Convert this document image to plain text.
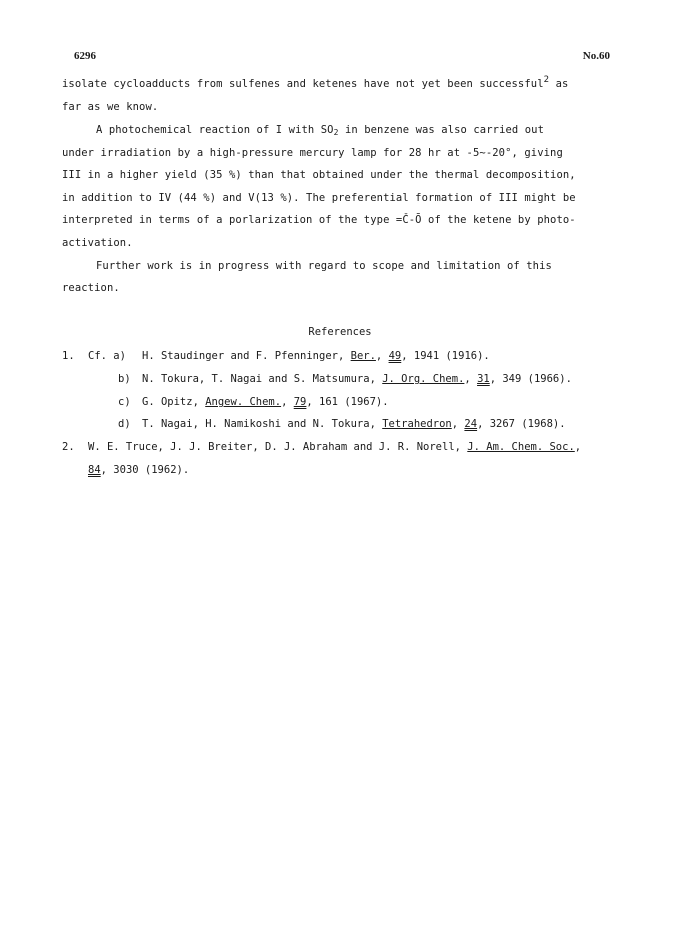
6296	No.60
isolate cycloadducts from sulfenes and ketenes have not yet been successful2 as
far as we know.
A photochemical reaction of I with SO2 in benzene was also carried out
under irradiation by a high-pressure mercury lamp for 28 hr at -5~-20°, giving
III in a higher yield (35 %) than that obtained under the thermal decomposition,
in addition to IV (44 %) and V(13 %). The preferential formation of III might be
interpreted in terms of a porlarization of the type =Č-Ō of the ketene by photo-
activation.
Further work is in progress with regard to scope and limitation of this
reaction.
References
1. Cf. a) H. Staudinger and F. Pfenninger, Ber., 49, 1941 (1916).
b) N. Tokura, T. Nagai and S. Matsumura, J. Org. Chem., 31, 349 (1966).
c) G. Opitz, Angew. Chem., 79, 161 (1967).
d) T. Nagai, H. Namikoshi and N. Tokura, Tetrahedron, 24, 3267 (1968).
2. W. E. Truce, J. J. Breiter, D. J. Abraham and J. R. Norell, J. Am. Chem. Soc.,
84, 3030 (1962).
